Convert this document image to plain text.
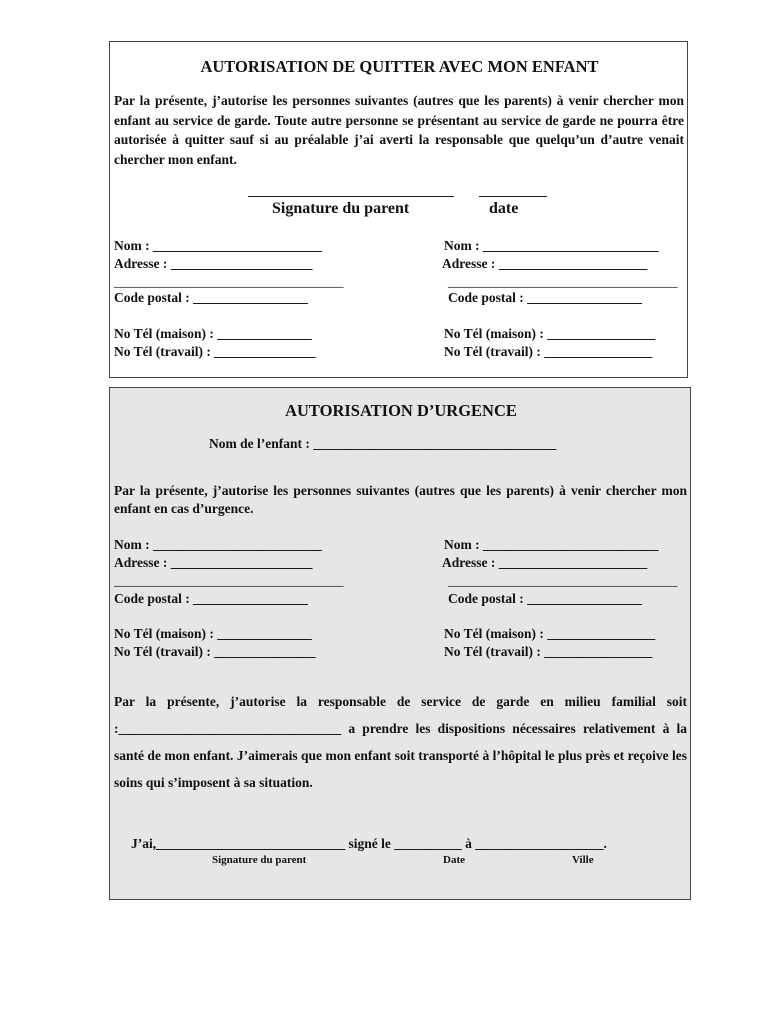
AUTORISATION DE QUITTER AVEC MON ENFANT
Par la présente, j’autorise les personnes suivantes (autres que les parents) à venir chercher mon enfant au service de garde. Toute autre personne se présentant au service de garde ne pourra être autorisée à quitter sauf si au préalable j’ai averti la responsable que quelqu’un d’autre venait chercher mon enfant.
Signature du parent	date
Nom : _________________________
Adresse : _____________________
__________________________________
Code postal : _________________
No Tél (maison) : ______________
No Tél (travail) : _______________
Nom : __________________________
Adresse : ______________________
__________________________________
Code postal : _________________
No Tél (maison) : ________________
No Tél (travail) : ________________
AUTORISATION D’URGENCE
Nom de l’enfant : ____________________________________
Par la présente, j’autorise les personnes suivantes (autres que les parents) à venir chercher mon enfant en cas d’urgence.
Nom : _________________________
Adresse : _____________________
__________________________________
Code postal : _________________
No Tél (maison) : ______________
No Tél (travail) : _______________
Nom : __________________________
Adresse : ______________________
__________________________________
Code postal : _________________
No Tél (maison) : ________________
No Tél (travail) : ________________
Par la présente, j’autorise la responsable de service de garde en milieu familial soit :_________________________________ a prendre les dispositions nécessaires relativement à la santé de mon enfant. J’aimerais que mon enfant soit transporté à l’hôpital le plus près et reçoive les soins qui s’imposent à sa situation.
J’ai,____________________________ signé le __________ à ___________________.
Signature du parent	Date	Ville
